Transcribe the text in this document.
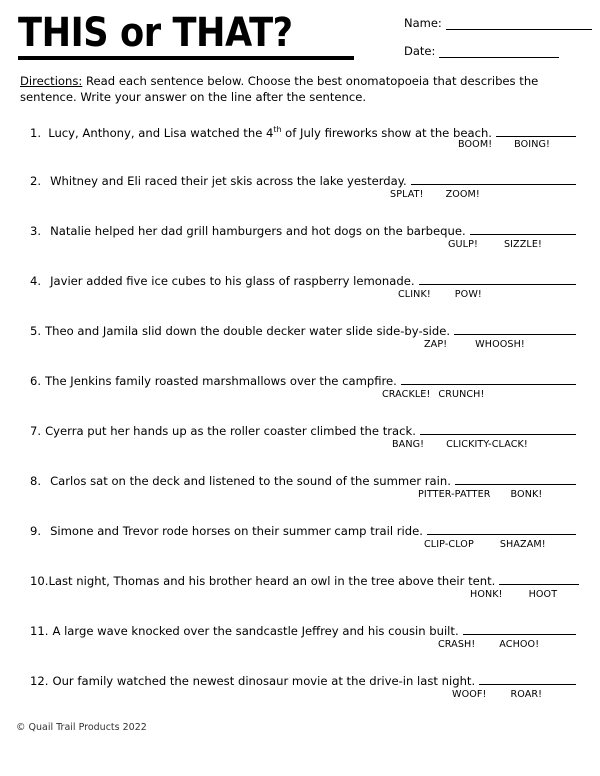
THIS or THAT?	Name:
Date:
Directions: Read each sentence below. Choose the best onomatopoeia that describes the sentence. Write your answer on the line after the sentence.
1. Lucy, Anthony, and Lisa watched the 4th of July fireworks show at the beach.
BOOM! BOING!
2. Whitney and Eli raced their jet skis across the lake yesterday.
SPLAT! ZOOM!
3. Natalie helped her dad grill hamburgers and hot dogs on the barbeque.
GULP!	SIZZLE!
4. Javier added five ice cubes to his glass of raspberry lemonade.
CLINK!	POW!
5. Theo and Jamila slid down the double decker water slide side-by-side.
ZAP!	WHOOSH!
6. The Jenkins family roasted marshmallows over the campfire.
CRACKLE! CRUNCH!
7. Cyerra put her hands up as the roller coaster climbed the track.
BANG! CLICKITY-CLACK!
8. Carlos sat on the deck and listened to the sound of the summer rain.
PITTER-PATTER BONK!
9. Simone and Trevor rode horses on their summer camp trail ride.
CLIP-CLOP	SHAZAM!
10. Last night, Thomas and his brother heard an owl in the tree above their tent.
HONK!	HOOT
11. A large wave knocked over the sandcastle Jeffrey and his cousin built.
CRASH!	ACHOO!
12. Our family watched the newest dinosaur movie at the drive-in last night.
WOOF!	ROAR!
© Quail Trail Products 2022
